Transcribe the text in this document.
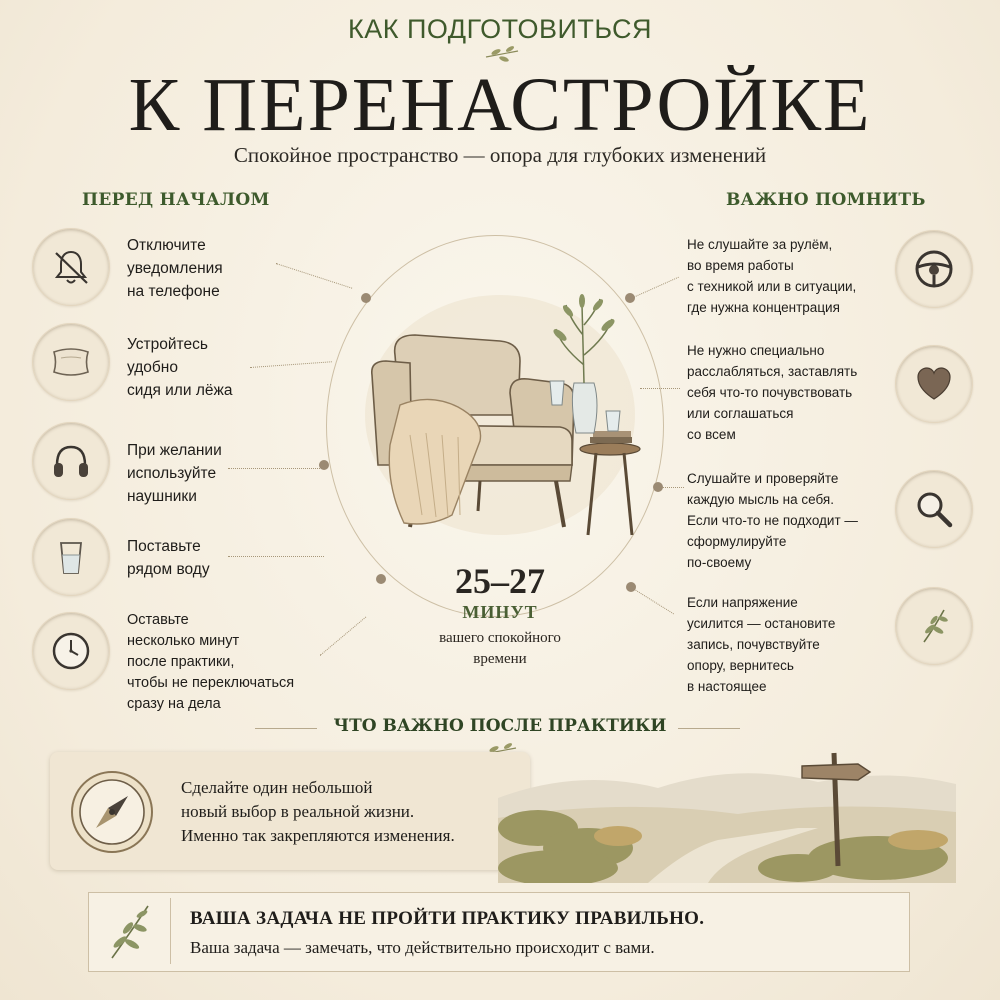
КАК ПОДГОТОВИТЬСЯ
К ПЕРЕНАСТРОЙКЕ
Спокойное пространство — опора для глубоких изменений
ПЕРЕД НАЧАЛОМ	ВАЖНО ПОМНИТЬ
Отключите
уведомления
на телефоне
Устройтесь
удобно
сидя или лёжа
При желании
используйте
наушники
Поставьте
рядом воду
Оставьте
несколько минут
после практики,
чтобы не переключаться
сразу на дела
25–27
МИНУТ
вашего спокойного
времени
Не слушайте за рулём,
во время работы
с техникой или в ситуации,
где нужна концентрация
Не нужно специально
расслабляться, заставлять
себя что-то почувствовать
или соглашаться
со всем
Слушайте и проверяйте
каждую мысль на себя.
Если что-то не подходит —
сформулируйте
по-своему
Если напряжение
усилится — остановите
запись, почувствуйте
опору, вернитесь
в настоящее
ЧТО ВАЖНО ПОСЛЕ ПРАКТИКИ
Сделайте один небольшой
новый выбор в реальной жизни.
Именно так закрепляются изменения.
ВАША ЗАДАЧА НЕ ПРОЙТИ ПРАКТИКУ ПРАВИЛЬНО.
Ваша задача — замечать, что действительно происходит с вами.
